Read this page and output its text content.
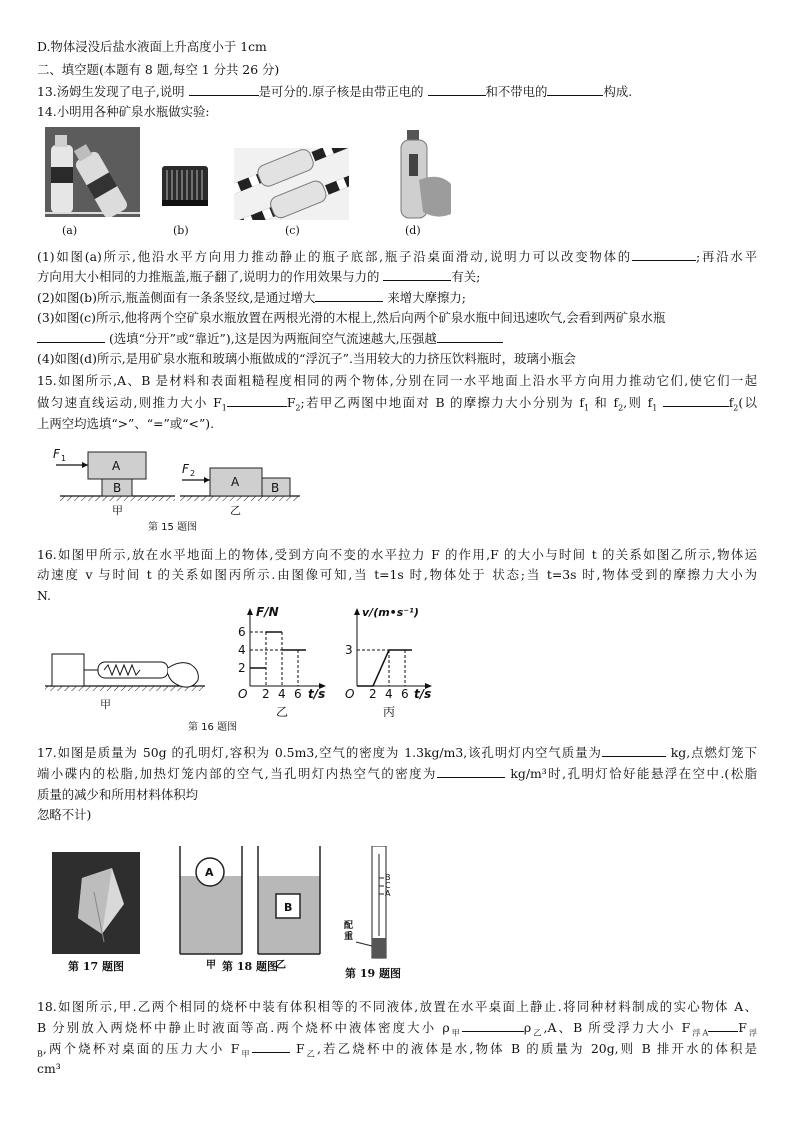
D.物体浸没后盐水液面上升高度小于 1cm
二、填空题(本题有 8 题,每空 1 分共 26 分)
13.汤姆生发现了电子,说明	是可分的.原子核是由带正电的	和不带电的	构成.
14.小明用各种矿泉水瓶做实验:
(a)	(b)	(c)	(d)
(1)如图(a)所示,他沿水平方向用力推动静止的瓶子底部,瓶子沿桌面滑动,说明力可以改变物体的	;再沿水平
方向用大小相同的力推瓶盖,瓶子翻了,说明力的作用效果与力的	有关;
(2)如图(b)所示,瓶盖侧面有一条条竖纹,是通过增大	来增大摩擦力;
(3)如图(c)所示,他将两个空矿泉水瓶放置在两根光滑的木棍上,然后向两个矿泉水瓶中间迅速吹气,会看到两矿泉水瓶
(选填“分开”或“靠近”),这是因为两瓶间空气流速越大,压强越
(4)如图(d)所示,是用矿泉水瓶和玻璃小瓶做成的“浮沉子”.当用较大的力挤压饮料瓶时，玻璃小瓶会
15.如图所示,A、B 是材料和表面粗糙程度相同的两个物体,分别在同一水平地面上沿水平方向用力推动它们,使它们一起
做匀速直线运动,则推力大小 $F_1$	$F_2$;若甲乙两图中地面对 B 的摩擦力大小分别为 $f_1$ 和 $f_2$,则 $f_1$	$f_2$(以
上两空均选填“>”、“=”或“<”).
F 1
F 2
A
B	A	B
甲	乙
第 15 题图
16.如图甲所示,放在水平地面上的物体,受到方向不变的水平拉力 F 的作用,F 的大小与时间 t 的关系如图乙所示,物体运
动速度 v 与时间 t 的关系如图丙所示.由图像可知,当 t=1s 时,物体处于 状态;当 t=3s 时,物体受到的摩擦力大小为
N.
甲
F/N
6
4
2
O 2 4 6 t/s
乙
v/(m•s⁻¹)
3
O 2 4 6 t/s
丙
第 16 题图
17.如图是质量为 50g 的孔明灯,容积为 0.5m3,空气的密度为 1.3kg/m3,该孔明灯内空气质量为	kg,点燃灯笼下
端小碟内的松脂,加热灯笼内部的空气,当孔明灯内热空气的密度为	kg/m³时,孔明灯恰好能悬浮在空中.(松脂
质量的减少和所用材料体积均
忽略不计)
A
B
B
C
A
配
重
甲	乙
第 17 题图	第 18 题图
第 19 题图
18.如图所示,甲.乙两个相同的烧杯中装有体积相等的不同液体,放置在水平桌面上静止.将同种材料制成的实心物体 A、
B 分别放入两烧杯中静止时液面等高.两个烧杯中液体密度大小 $\rho_甲$	$\rho_乙,A$、B 所受浮力大小 $F_{浮A}$ $F_浮$
$_B$,两个烧杯对桌面的压力大小 $F_甲$	$F_乙$,若乙烧杯中的液体是水,物体 B 的质量为 20g,则 B 排开水的体积是
cm³
